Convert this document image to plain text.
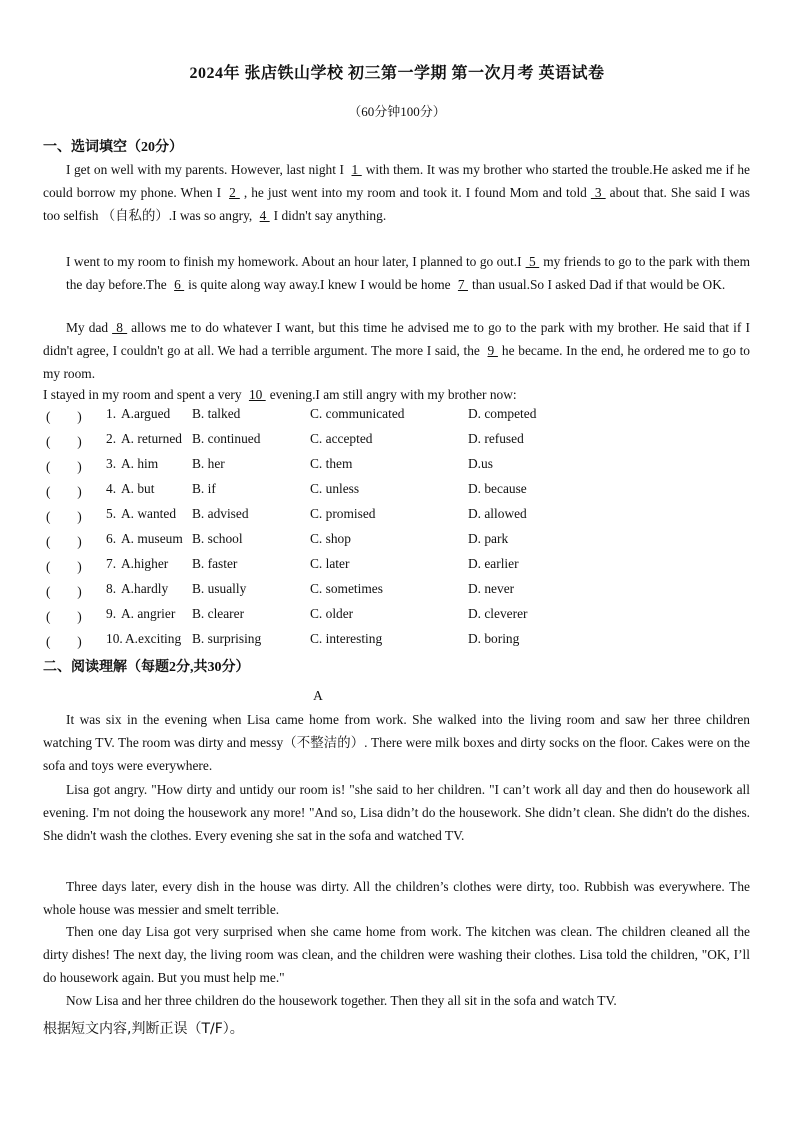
2024年 张店铁山学校 初三第一学期 第一次月考 英语试卷
（60分钟100分）
一、选词填空（20分）
I get on well with my parents. However, last night I 1 with them. It was my brother who started the trouble.He asked me if he could borrow my phone. When I 2 , he just went into my room and took it. I found Mom and told 3 about that. She said I was too selfish （自私的）.I was so angry, 4 I didn't say anything.
I went to my room to finish my homework. About an hour later, I planned to go out.I 5 my friends to go to the park with them the day before.The 6 is quite along way away.I knew I would be home 7 than usual.So I asked Dad if that would be OK.
My dad 8 allows me to do whatever I want, but this time he advised me to go to the park with my brother. He said that if I didn't agree, I couldn't go at all. We had a terrible argument. The more I said, the 9 he became. In the end, he ordered me to go to my room.
I stayed in my room and spent a very 10 evening.I am still angry with my brother now:
(　　) 1. A.argued B. talked	C. communicated	D. competed
(　　) 2. A. returned B. continued	C. accepted	D. refused
(　　) 3. A. him	B. her	C. them	D.us
(　　) 4. A. but	B. if	C. unless	D. because
(　　) 5. A. wanted B. advised	C. promised	D. allowed
(　　) 6. A. museum B. school	C. shop	D. park
(　　) 7. A.higher B. faster	C. later	D. earlier
(　　) 8. A.hardly B. usually	C. sometimes	D. never
(　　) 9. A. angrier B. clearer	C. older	D. cleverer
(　　) 10. A.exciting B. surprising	C. interesting	D. boring
二、阅读理解（每题2分,共30分）
A
It was six in the evening when Lisa came home from work. She walked into the living room and saw her three children watching TV. The room was dirty and messy（不整洁的）. There were milk boxes and dirty socks on the floor. Cakes were on the sofa and toys were everywhere.
Lisa got angry. "How dirty and untidy our room is! "she said to her children. "I can’t work all day and then do housework all evening. I'm not doing the housework any more! "And so, Lisa didn’t do the housework. She didn’t clean. She didn't do the dishes. She didn't wash the clothes. Every evening she sat in the sofa and watched TV.
Three days later, every dish in the house was dirty. All the children’s clothes were dirty, too. Rubbish was everywhere. The whole house was messier and smelt terrible.
Then one day Lisa got very surprised when she came home from work. The kitchen was clean. The children cleaned all the dirty dishes! The next day, the living room was clean, and the children were washing their clothes. Lisa told the children, "OK, I’ll do housework again. But you must help me."
Now Lisa and her three children do the housework together. Then they all sit in the sofa and watch TV.
根据短文内容,判断正误（T/F）。
